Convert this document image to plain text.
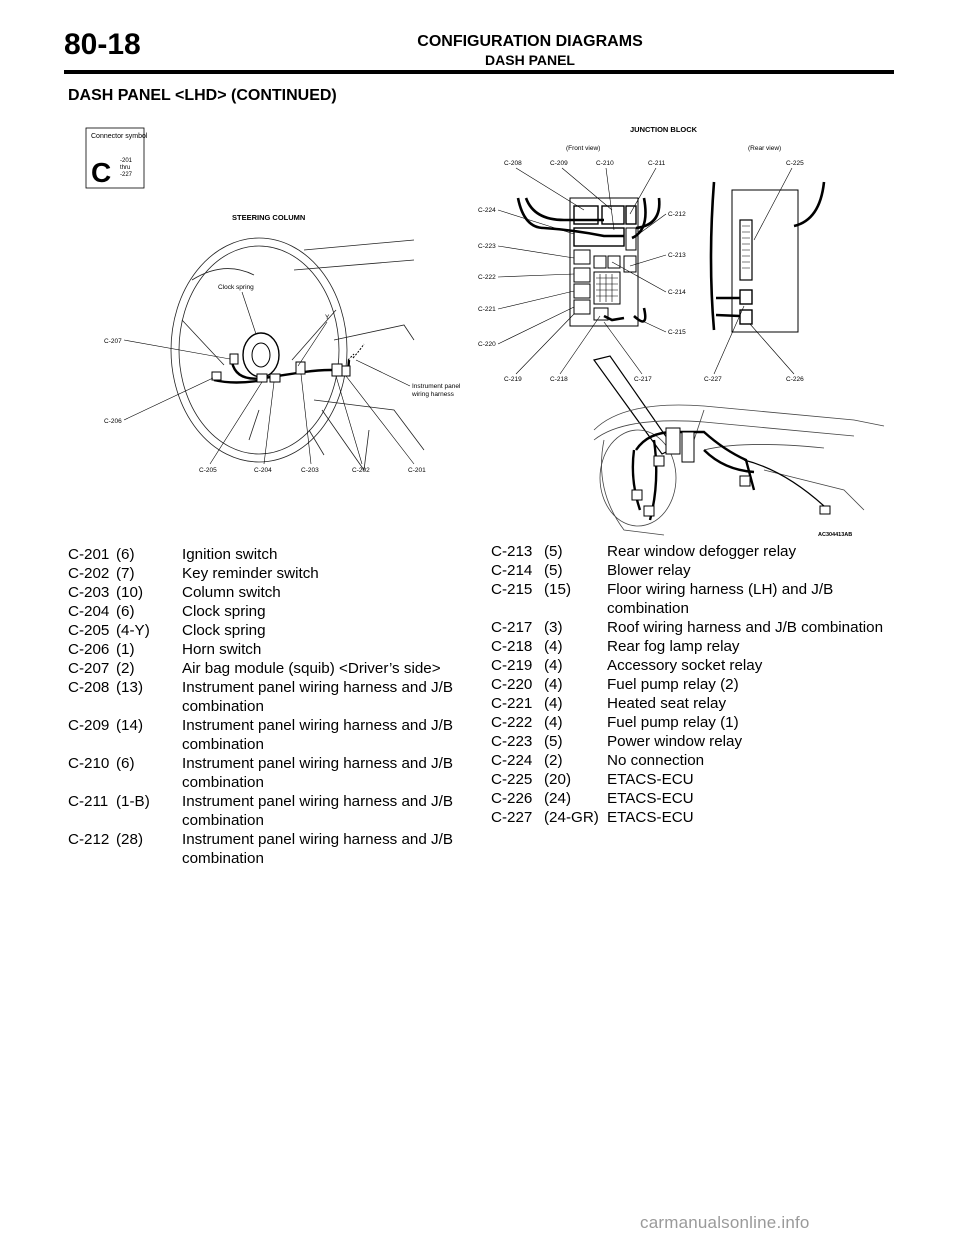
80-18	CONFIGURATION DIAGRAMS
DASH PANEL
DASH PANEL <LHD> (CONTINUED)
Connector symbol
C -201
thru
-227
STEERING COLUMN
Clock spring
Y
C-207
C-206
C-205	C-204	C-203	C-202	C-201
Instrument panel
wiring harness
JUNCTION BLOCK
(Front view)	(Rear view)
C-208	C-209	C-210	C-211
C-224
C-223
C-222
C-221
C-220
C-212
C-213
C-214
C-215
C-219	C-218	C-217
C-225
C-227	C-226
AC304413AB
C-201 (6)	Ignition switch
C-202 (7)	Key reminder switch
C-203 (10)	Column switch
C-204 (6)	Clock spring
C-205 (4-Y)	Clock spring
C-206 (1)	Horn switch
C-207 (2)	Air bag module (squib) <Driver’s side>
C-208 (13)	Instrument panel wiring harness and J/B combination
C-209 (14)	Instrument panel wiring harness and J/B combination
C-210 (6)	Instrument panel wiring harness and J/B combination
C-211 (1-B)	Instrument panel wiring harness and J/B combination
C-212 (28)	Instrument panel wiring harness and J/B combination
C-213 (5)	Rear window defogger relay
C-214 (5)	Blower relay
C-215 (15)	Floor wiring harness (LH) and J/B combination
C-217 (3)	Roof wiring harness and J/B combination
C-218 (4)	Rear fog lamp relay
C-219 (4)	Accessory socket relay
C-220 (4)	Fuel pump relay (2)
C-221 (4)	Heated seat relay
C-222 (4)	Fuel pump relay (1)
C-223 (5)	Power window relay
C-224 (2)	No connection
C-225 (20)	ETACS-ECU
C-226 (24)	ETACS-ECU
C-227 (24-GR) ETACS-ECU
carmanualsonline.info
